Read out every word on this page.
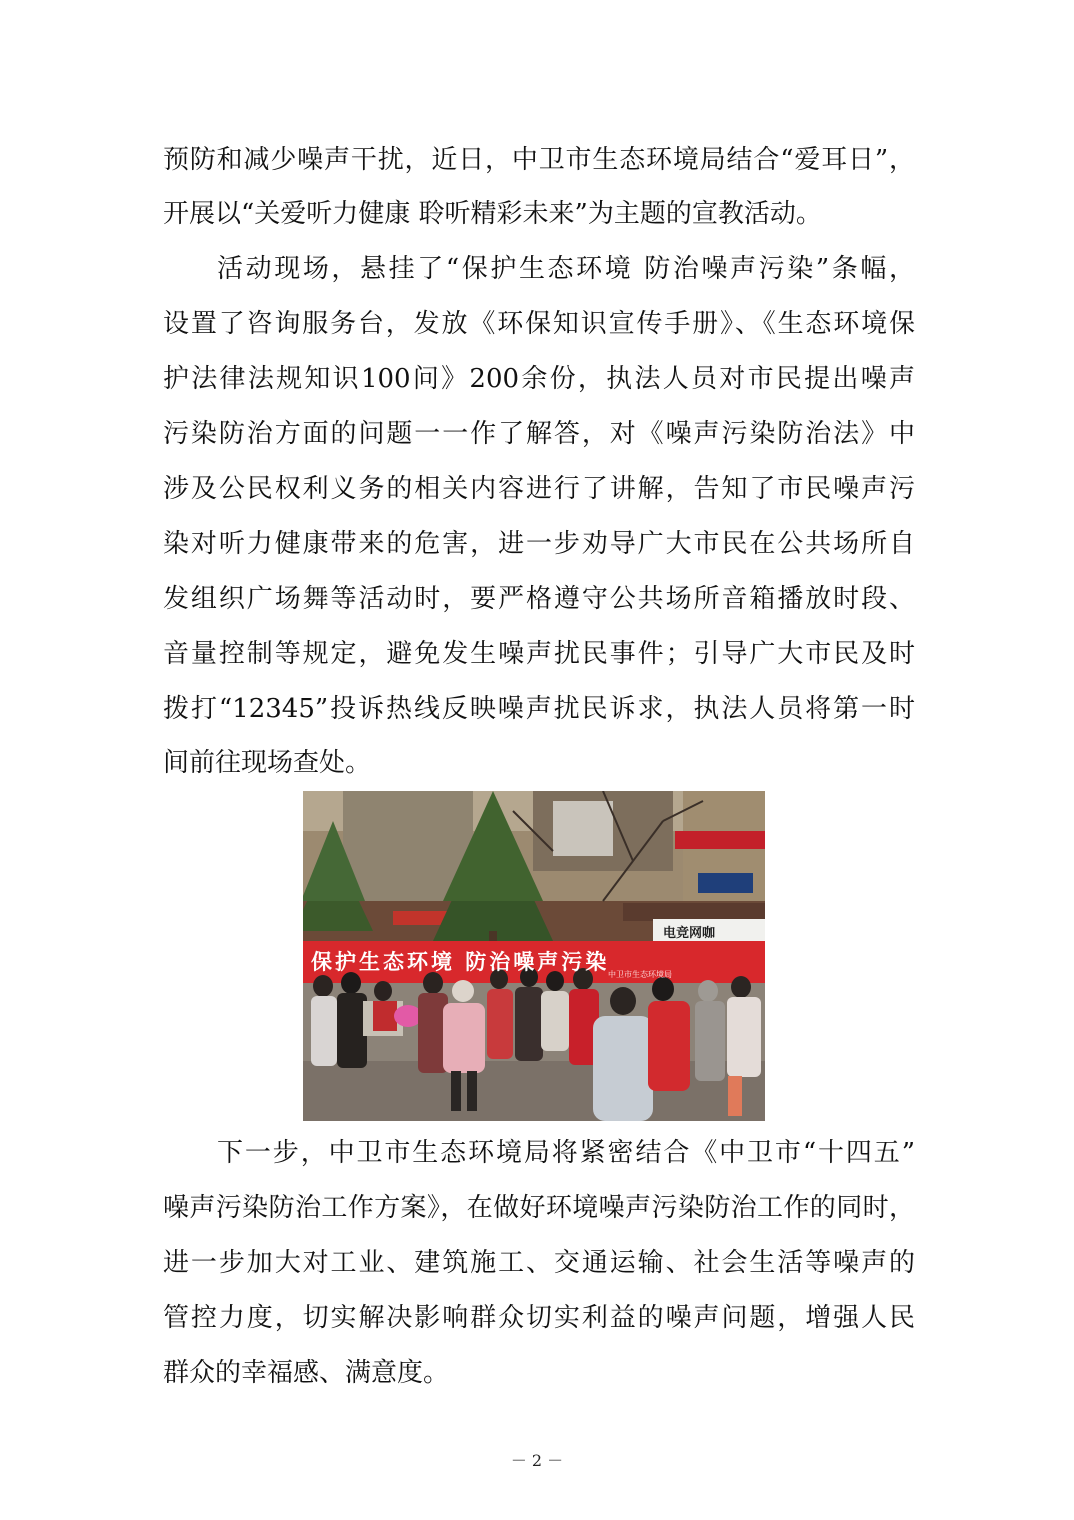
预防和减少噪声干扰，近日，中卫市生态环境局结合“爱耳日”，
开展以“关爱听力健康 聆听精彩未来”为主题的宣教活动。
活动现场，悬挂了“保护生态环境 防治噪声污染”条幅，
设置了咨询服务台，发放《环保知识宣传手册》、《生态环境保
护法律法规知识100问》200余份，执法人员对市民提出噪声
污染防治方面的问题一一作了解答，对《噪声污染防治法》中
涉及公民权利义务的相关内容进行了讲解，告知了市民噪声污
染对听力健康带来的危害，进一步劝导广大市民在公共场所自
发组织广场舞等活动时，要严格遵守公共场所音箱播放时段、
音量控制等规定，避免发生噪声扰民事件；引导广大市民及时
拨打“12345”投诉热线反映噪声扰民诉求，执法人员将第一时
间前往现场查处。
保护生态环境 防治噪声污染
中卫市生态环境局
电竞网咖
下一步，中卫市生态环境局将紧密结合《中卫市“十四五”
噪声污染防治工作方案》，在做好环境噪声污染防治工作的同时，
进一步加大对工业、建筑施工、交通运输、社会生活等噪声的
管控力度，切实解决影响群众切实利益的噪声问题，增强人民
群众的幸福感、满意度。
－ 2 －
